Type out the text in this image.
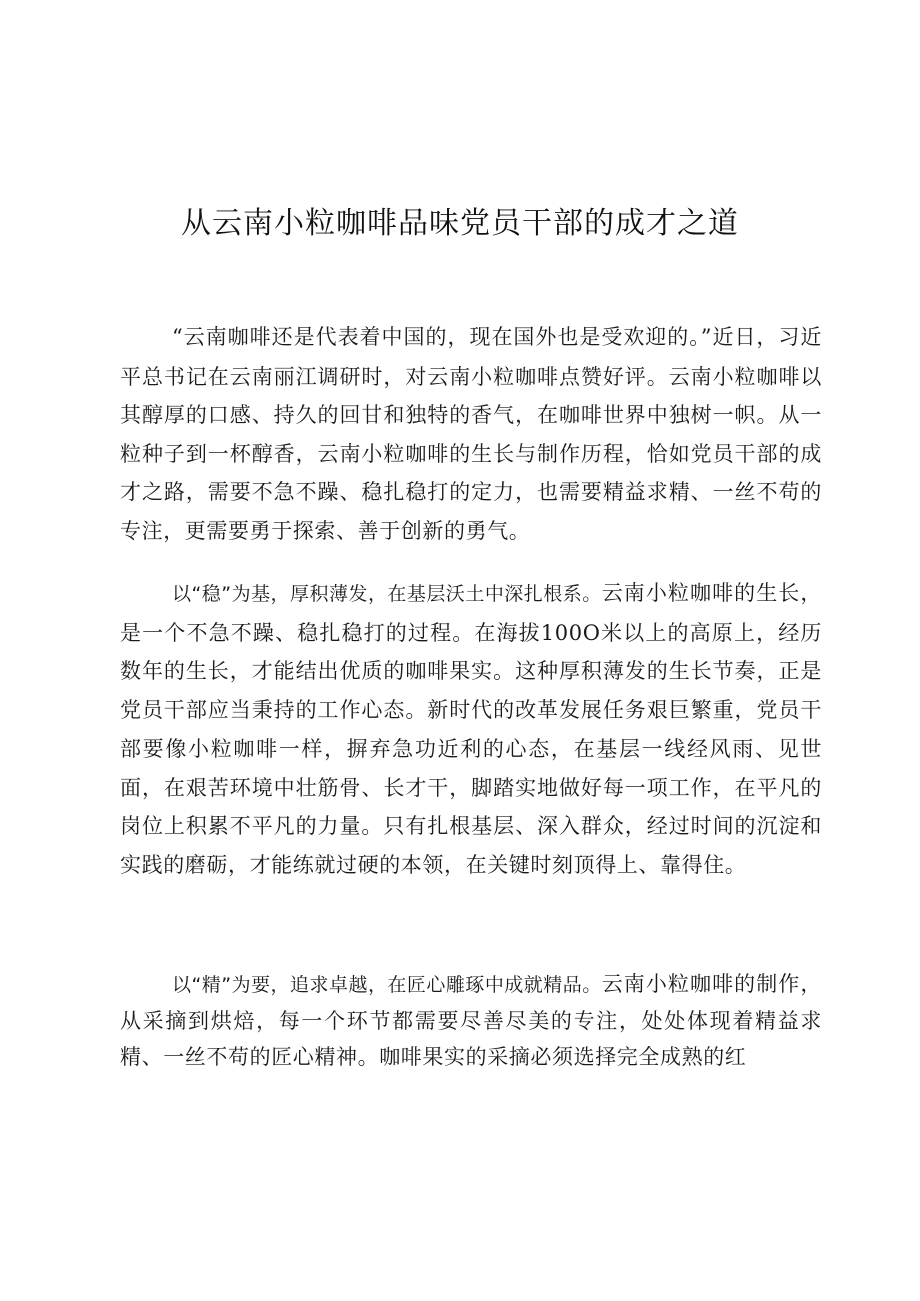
从云南小粒咖啡品味党员干部的成才之道

“云南咖啡还是代表着中国的，现在国外也是受欢迎的。”近日，习近平总书记在云南丽江调研时，对云南小粒咖啡点赞好评。云南小粒咖啡以其醇厚的口感、持久的回甘和独特的香气，在咖啡世界中独树一帜。从一粒种子到一杯醇香，云南小粒咖啡的生长与制作历程，恰如党员干部的成才之路，需要不急不躁、稳扎稳打的定力，也需要精益求精、一丝不苟的专注，更需要勇于探索、善于创新的勇气。

以“稳”为基，厚积薄发，在基层沃土中深扎根系。云南小粒咖啡的生长，是一个不急不躁、稳扎稳打的过程。在海拔100O米以上的高原上，经历数年的生长，才能结出优质的咖啡果实。这种厚积薄发的生长节奏，正是党员干部应当秉持的工作心态。新时代的改革发展任务艰巨繁重，党员干部要像小粒咖啡一样，摒弃急功近利的心态，在基层一线经风雨、见世面，在艰苦环境中壮筋骨、长才干，脚踏实地做好每一项工作，在平凡的岗位上积累不平凡的力量。只有扎根基层、深入群众，经过时间的沉淀和实践的磨砺，才能练就过硬的本领，在关键时刻顶得上、靠得住。

以“精”为要，追求卓越，在匠心雕琢中成就精品。云南小粒咖啡的制作，从采摘到烘焙，每一个环节都需要尽善尽美的专注，处处体现着精益求精、一丝不苟的匠心精神。咖啡果实的采摘必须选择完全成熟的红
